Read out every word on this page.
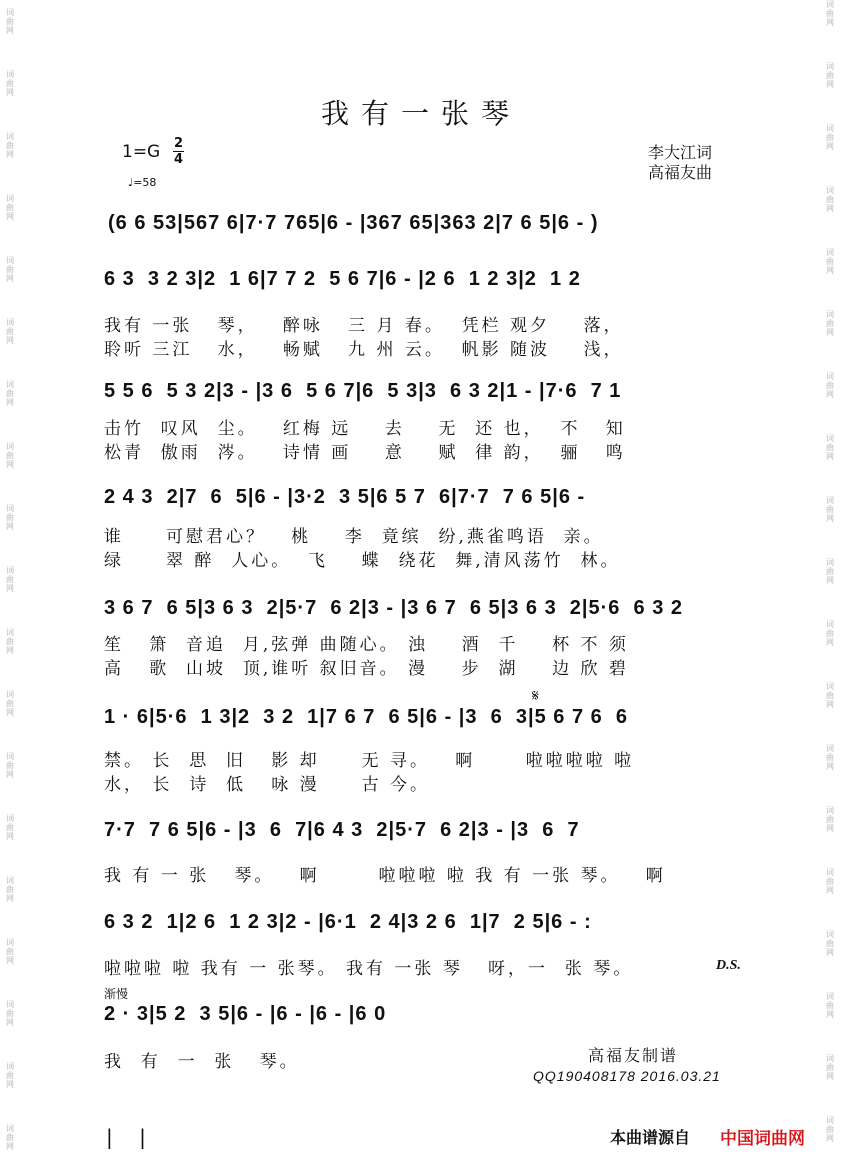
词
曲
网
词
曲
网
词
曲
网
词
曲
网
词
曲
网
词
曲
网
词
曲
网
词
曲
网
词
曲
网
词
曲
网
词
曲
网
词
曲
网
词
曲
网
词
曲
网
词
曲
网
词
曲
网
词
曲
网
词
曲
网
词
曲
网
词
曲
网
词
曲
网
词
曲
网
词
曲
网
词
曲
网
词
曲
网
词
曲
网
词
曲
网
词
曲
网
词
曲
网
词
曲
网
词
曲
网
词
曲
网
词
曲
网
词
曲
网
词
曲
网
词
曲
网
词
曲
网
词
曲
网
我有一张琴
1=G 2
4
♩=58
李大江词
高福友曲
(6 6 53|567 6|7·7 765|6 - |367 65|363 2|7 6 5|6 - )
6 3  3 2 3|2  1 6|7 7 2  5 6 7|6 - |2 6  1 2 3|2  1 2
我有 一张   琴，   醉咏   三 月 春。  凭栏 观夕    落，
聆听 三江   水，   畅赋   九 州 云。  帆影 随波    浅，
5 5 6  5 3 2|3 - |3 6  5 6 7|6  5 3|3  6 3 2|1 - |7·6  7 1
击竹  叹风  尘。   红梅 远    去    无  还 也，  不   知
松青  傲雨  涔。   诗情 画    意    赋  律 韵，  骊   鸣
2 4 3  2|7  6  5|6 - |3·2  3 5|6 5 7  6|7·7  7 6 5|6 -
谁     可慰君心？   桃    李  竟缤  纷,燕雀鸣语  亲。
绿     翠 醉  人心。  飞    蝶  绕花  舞,清风荡竹  林。
3 6 7  6 5|3 6 3  2|5·7  6 2|3 - |3 6 7  6 5|3 6 3  2|5·6  6 3 2
笙   箫  音追  月,弦弹 曲随心。 浊    酒  千    杯 不 须
高   歌  山坡  顶,谁听 叙旧音。 漫    步  湖    边 欣 碧
1 · 6|5·6  1 3|2  3 2  1|7 6 7  6 5|6 - |3  6  3|5 6 7 6  6
禁。 长  思  旧   影 却     无 寻。   啊      啦啦啦啦 啦
水， 长  诗  低   咏 漫     古 今。
7·7  7 6 5|6 - |3  6  7|6 4 3  2|5·7  6 2|3 - |3  6  7
我 有 一 张   琴。   啊       啦啦啦 啦 我 有 一张 琴。   啊
6 3 2  1|2 6  1 2 3|2 - |6·1  2 4|3 2 6  1|7  2 5|6 - :
啦啦啦 啦 我有 一 张琴。 我有 一张 琴   呀，一  张 琴。
2 · 3|5 2  3 5|6 - |6 - |6 - |6 0
我  有  一  张   琴。
𝄋
D.S.
渐慢
高福友制谱
QQ190408178 2016.03.21
| |	本曲谱源自 中国词曲网
